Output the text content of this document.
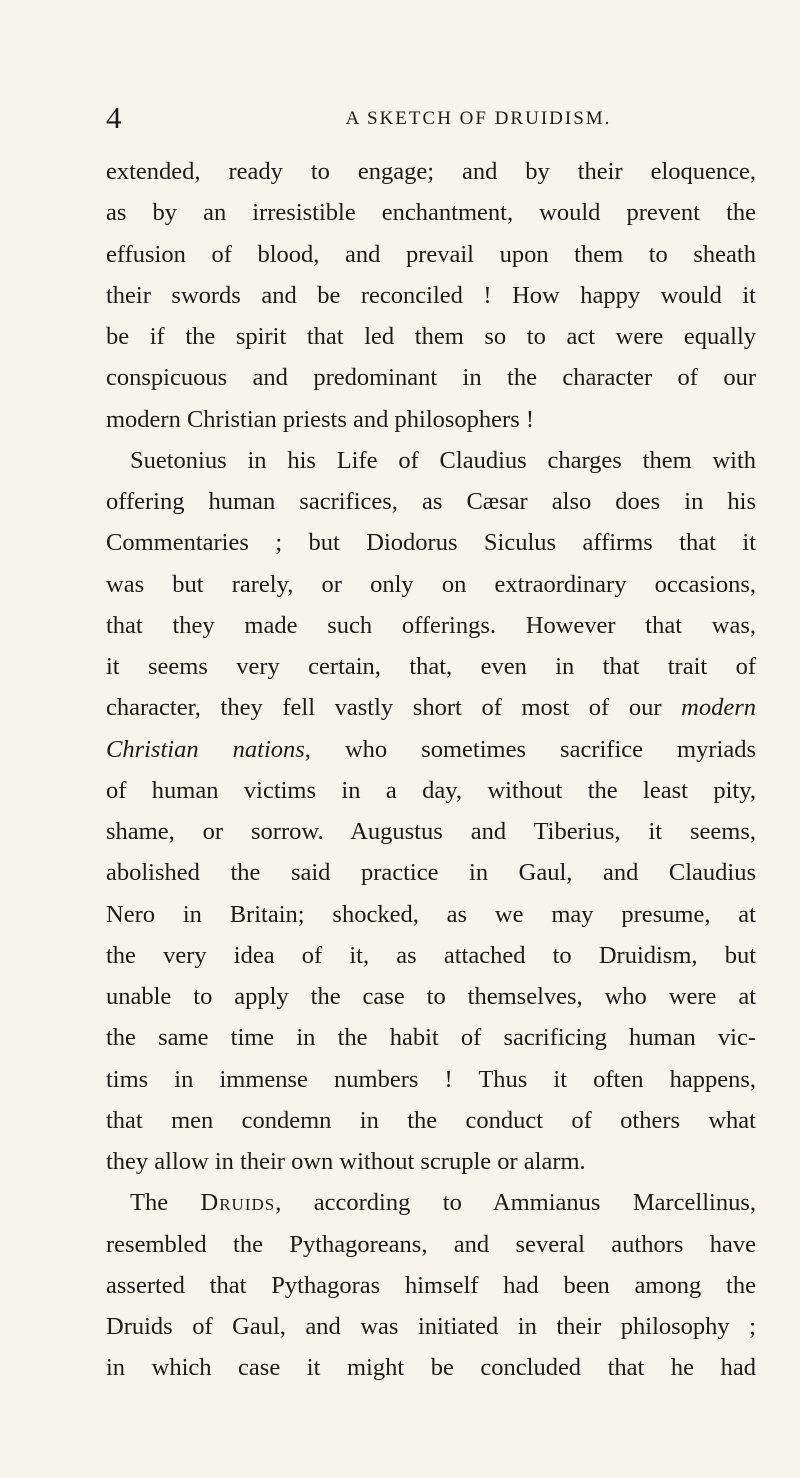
4	A SKETCH OF DRUIDISM.
extended, ready to engage; and by their eloquence,
as by an irresistible enchantment, would prevent the
effusion of blood, and prevail upon them to sheath
their swords and be reconciled ! How happy would it
be if the spirit that led them so to act were equally
conspicuous and predominant in the character of our
modern Christian priests and philosophers !
Suetonius in his Life of Claudius charges them with
offering human sacrifices, as Cæsar also does in his
Commentaries ; but Diodorus Siculus affirms that it
was but rarely, or only on extraordinary occasions,
that they made such offerings. However that was,
it seems very certain, that, even in that trait of
character, they fell vastly short of most of our modern
Christian nations, who sometimes sacrifice myriads
of human victims in a day, without the least pity,
shame, or sorrow. Augustus and Tiberius, it seems,
abolished the said practice in Gaul, and Claudius
Nero in Britain; shocked, as we may presume, at
the very idea of it, as attached to Druidism, but
unable to apply the case to themselves, who were at
the same time in the habit of sacrificing human vic-
tims in immense numbers ! Thus it often happens,
that men condemn in the conduct of others what
they allow in their own without scruple or alarm.
The Druids, according to Ammianus Marcellinus,
resembled the Pythagoreans, and several authors have
asserted that Pythagoras himself had been among the
Druids of Gaul, and was initiated in their philosophy ;
in which case it might be concluded that he had
